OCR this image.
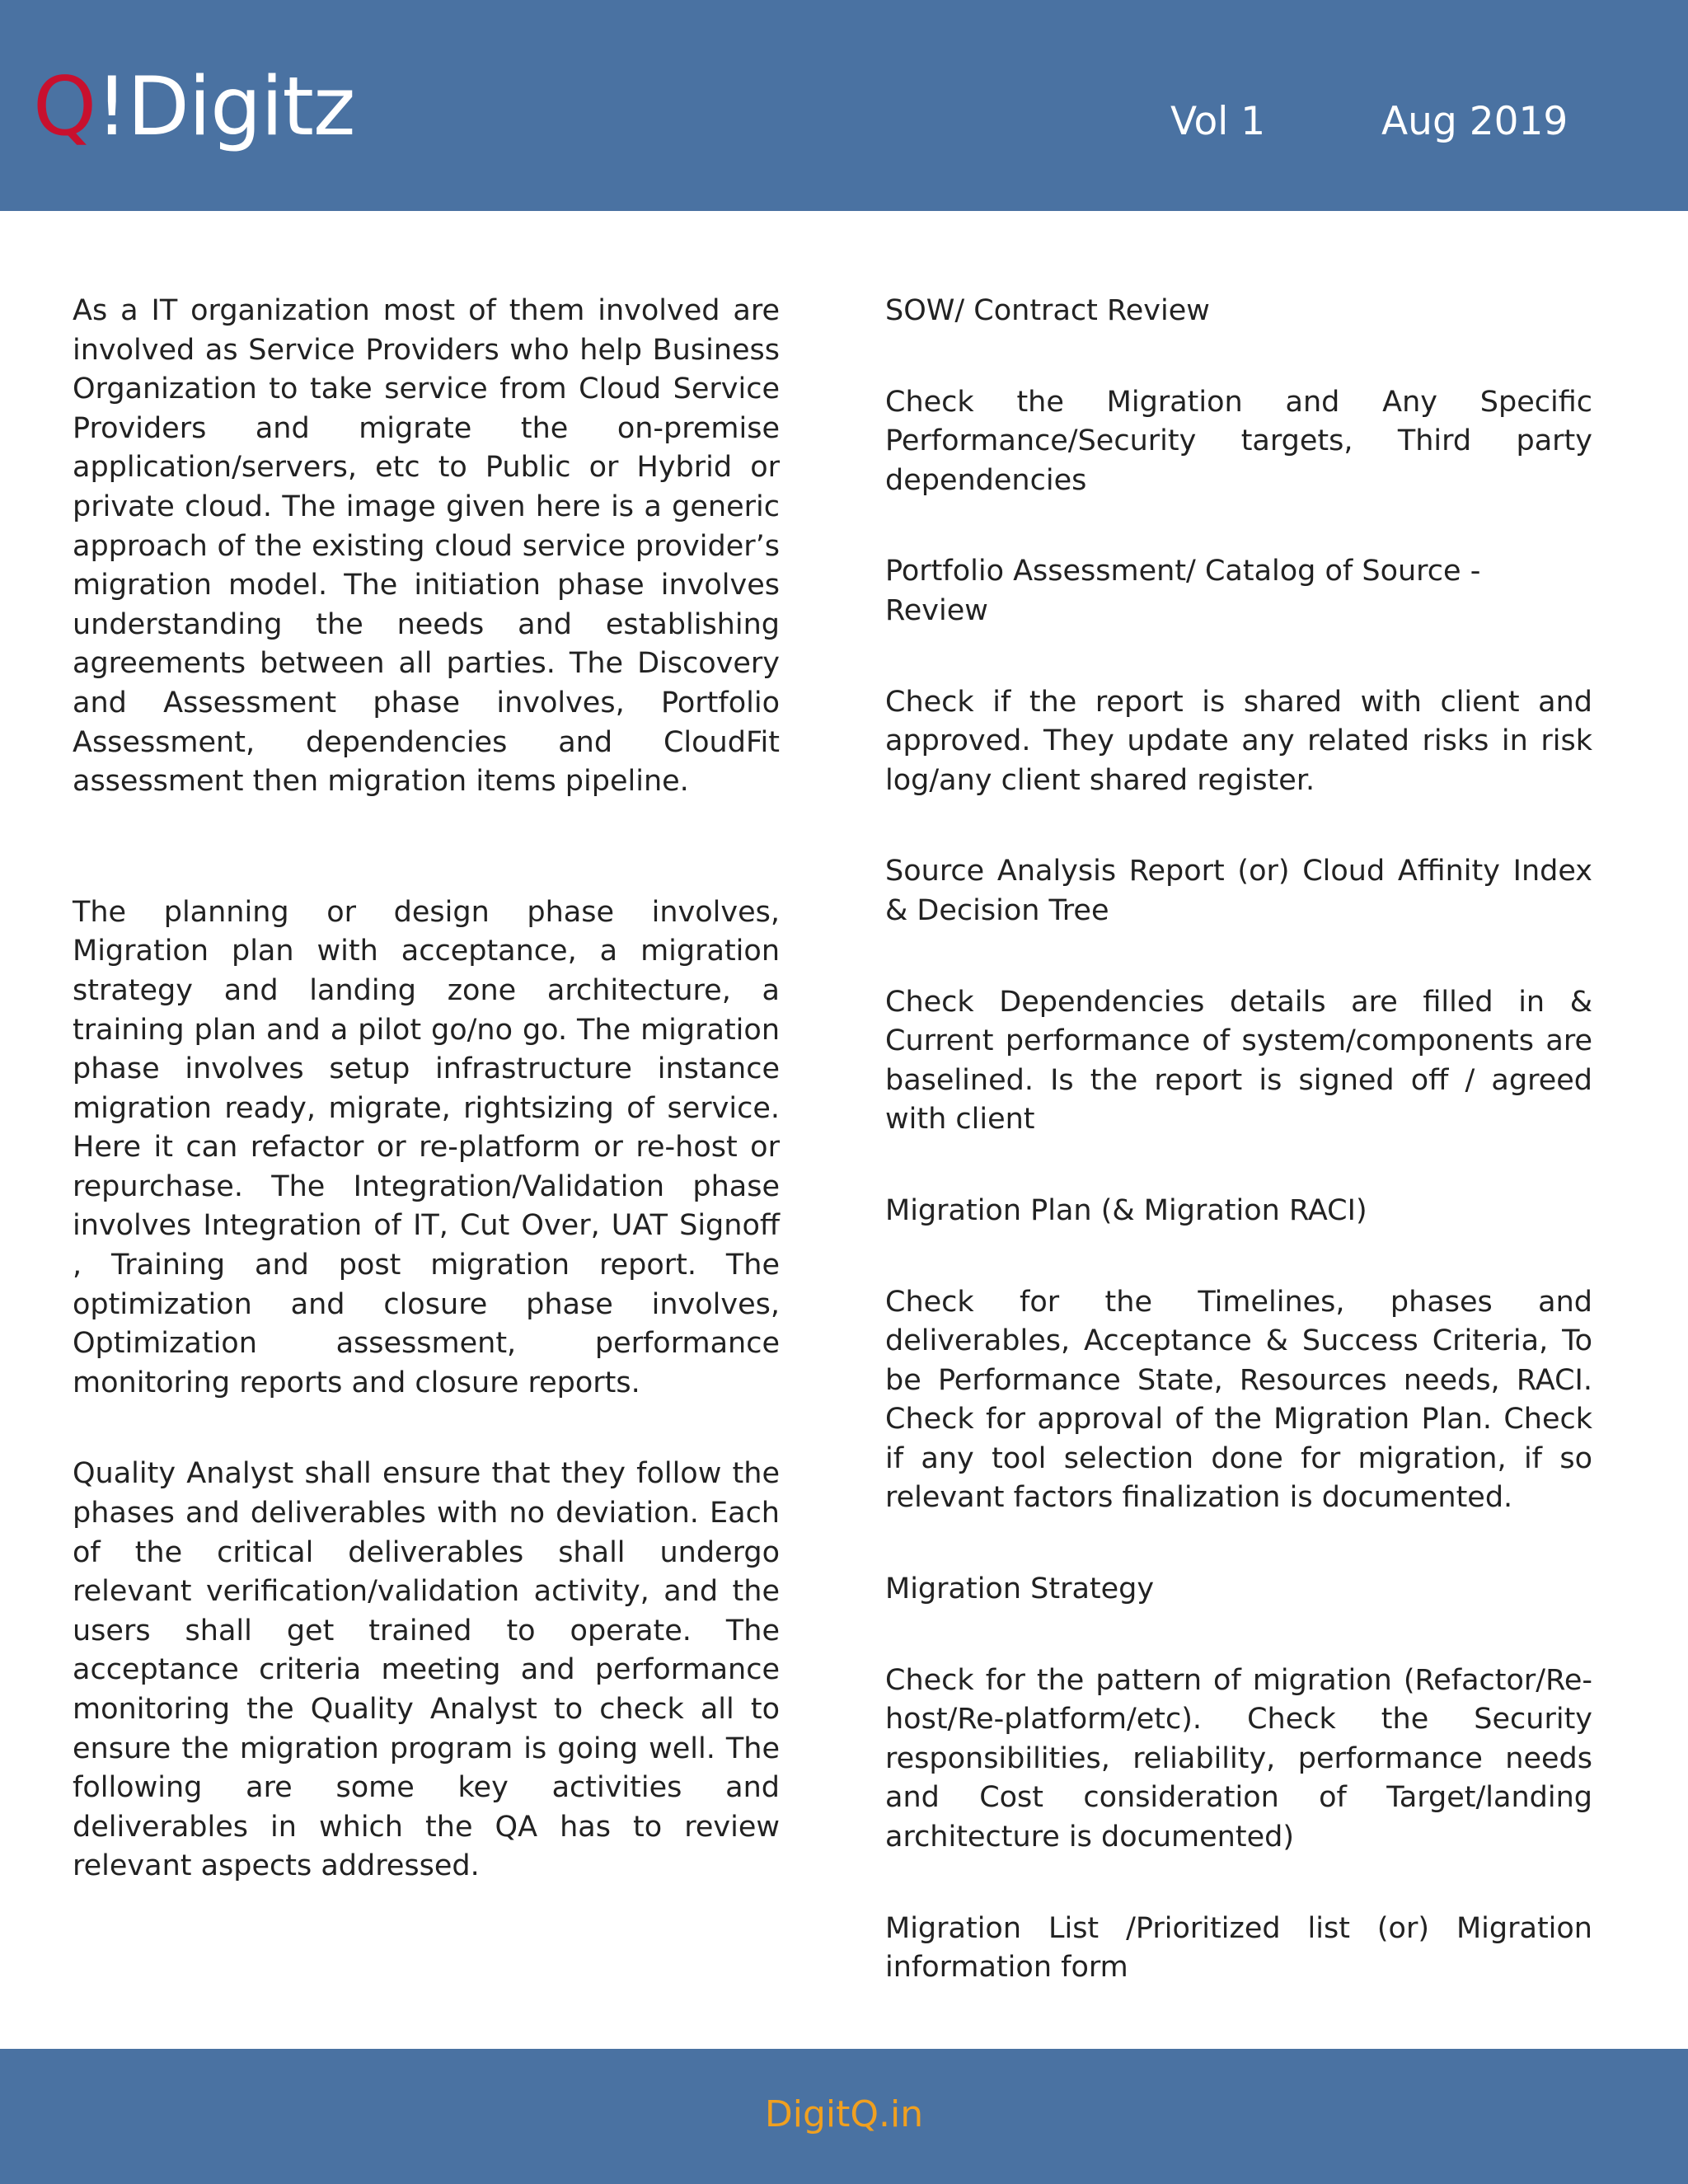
Q!Digitz	Vol 1	Aug 2019

As a IT organization most of them involved are involved as Service Providers who help Business Organization to take service from Cloud Service Providers and migrate the on-premise application/servers, etc to Public or Hybrid or private cloud. The image given here is a generic approach of the existing cloud service provider’s migration model. The initiation phase involves understanding the needs and establishing agreements between all parties. The Discovery and Assessment phase involves, Portfolio Assessment, dependencies and CloudFit assessment then migration items pipeline.

The planning or design phase involves, Migration plan with acceptance, a migration strategy and landing zone architecture, a training plan and a pilot go/no go. The migration phase involves setup infrastructure instance migration ready, migrate, rightsizing of service. Here it can refactor or re-platform or re-host or repurchase. The Integration/Validation phase involves Integration of IT, Cut Over, UAT Signoff , Training and post migration report. The optimization and closure phase involves, Optimization assessment, performance monitoring reports and closure reports.

Quality Analyst shall ensure that they follow the phases and deliverables with no deviation. Each of the critical deliverables shall undergo relevant verification/validation activity, and the users shall get trained to operate. The acceptance criteria meeting and performance monitoring the Quality Analyst to check all to ensure the migration program is going well. The following are some key activities and deliverables in which the QA has to review relevant aspects addressed.

SOW/ Contract Review

Check the Migration and Any Specific Performance/Security targets, Third party dependencies

Portfolio Assessment/ Catalog of Source - Review

Check if the report is shared with client and approved. They update any related risks in risk log/any client shared register.

Source Analysis Report (or) Cloud Affinity Index & Decision Tree

Check Dependencies details are filled in & Current performance of system/components are baselined. Is the report is signed off / agreed with client

Migration Plan (& Migration RACI)

Check for the Timelines, phases and deliverables, Acceptance & Success Criteria, To be Performance State, Resources needs, RACI. Check for approval of the Migration Plan. Check if any tool selection done for migration, if so relevant factors finalization is documented.

Migration Strategy

Check for the pattern of migration (Refactor/Re-host/Re-platform/etc). Check the Security responsibilities, reliability, performance needs and Cost consideration of Target/landing architecture is documented)

Migration List /Prioritized list (or) Migration information form

DigitQ.in
